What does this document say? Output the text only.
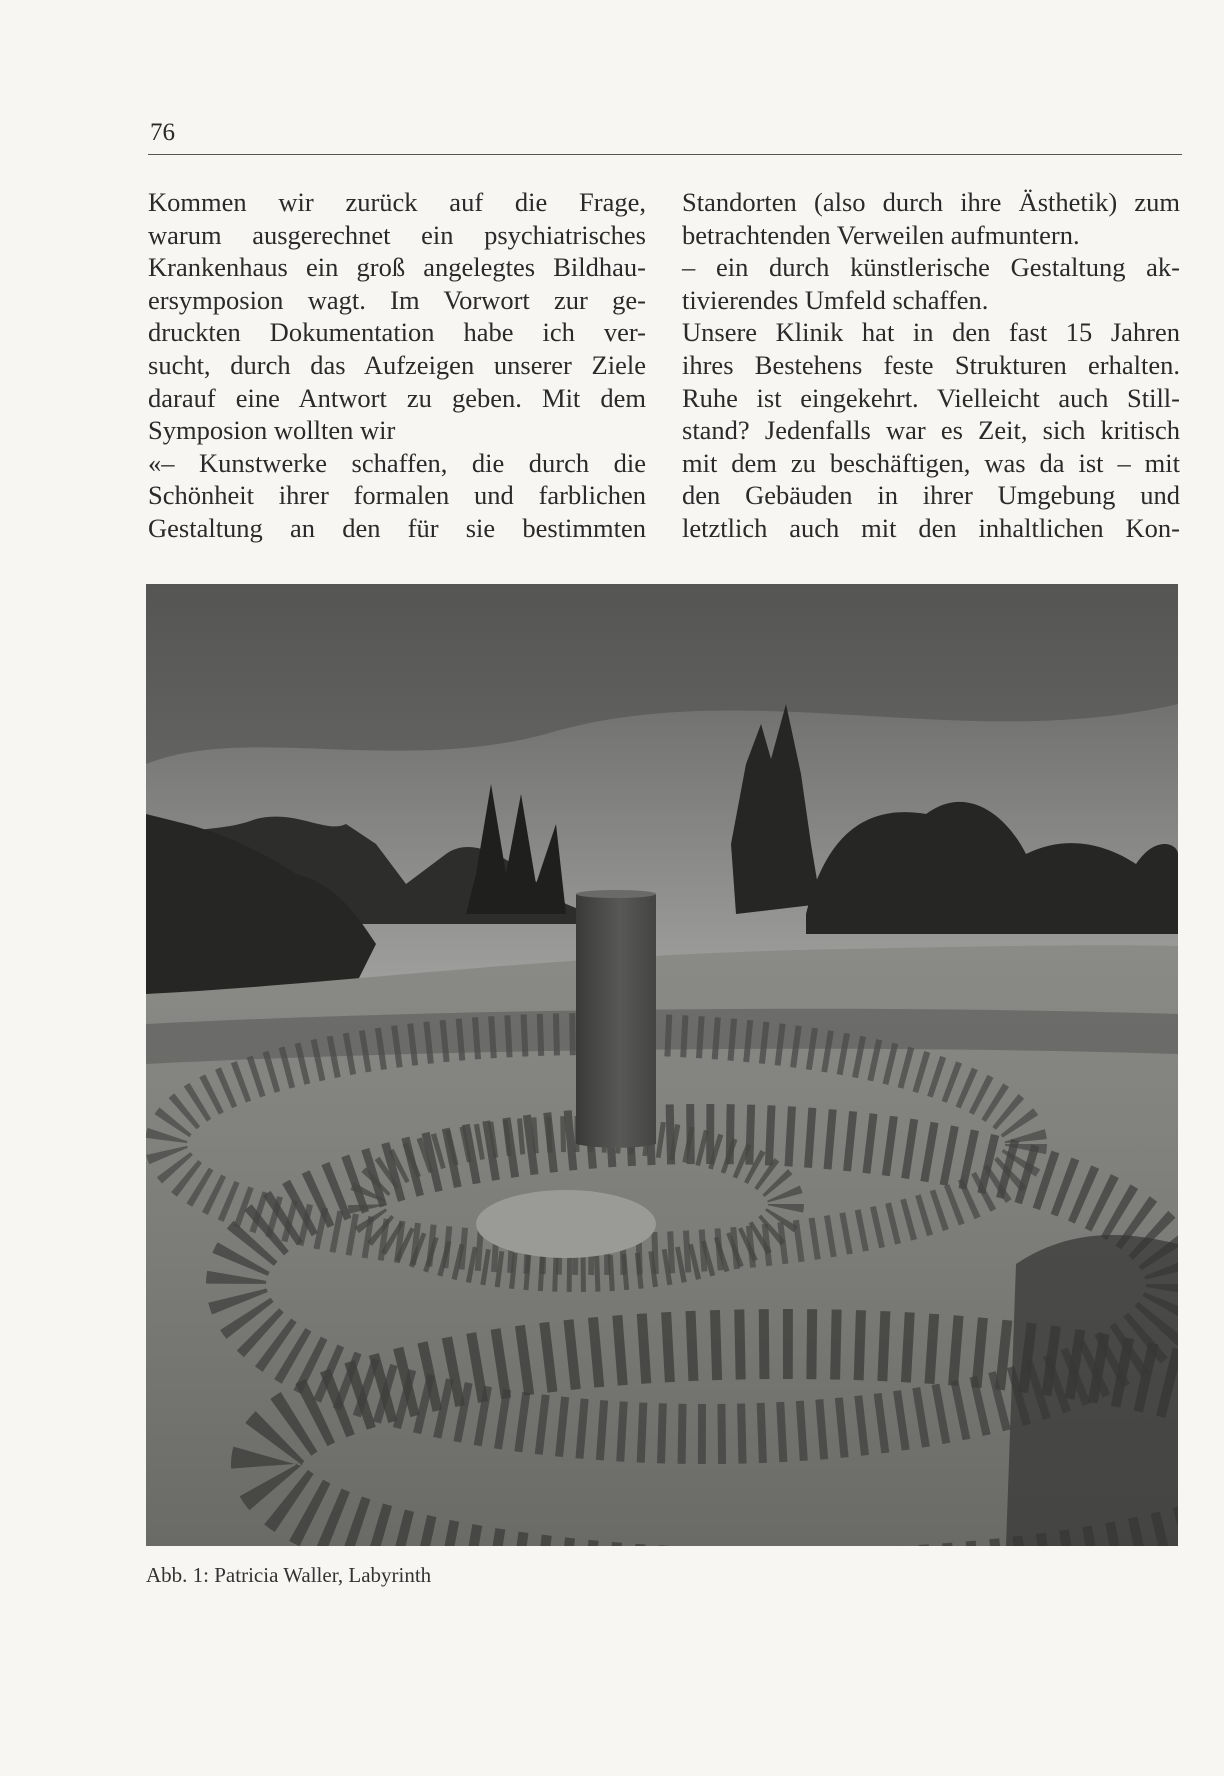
76

Kommen wir zurück auf die Frage,

warum ausgerechnet ein psychiatrisches

Krankenhaus ein groß angelegtes Bildhau-

ersymposion wagt. Im Vorwort zur ge-

druckten Dokumentation habe ich ver-

sucht, durch das Aufzeigen unserer Ziele

darauf eine Antwort zu geben. Mit dem

Symposion wollten wir

«– Kunstwerke schaffen, die durch die

Schönheit ihrer formalen und farblichen

Gestaltung an den für sie bestimmten

Standorten (also durch ihre Ästhetik) zum

betrachtenden Verweilen aufmuntern.

– ein durch künstlerische Gestaltung ak-

tivierendes Umfeld schaffen.

Unsere Klinik hat in den fast 15 Jahren

ihres Bestehens feste Strukturen erhalten.

Ruhe ist eingekehrt. Vielleicht auch Still-

stand? Jedenfalls war es Zeit, sich kritisch

mit dem zu beschäftigen, was da ist – mit

den Gebäuden in ihrer Umgebung und

letztlich auch mit den inhaltlichen Kon-

Abb. 1: Patricia Waller, Labyrinth
